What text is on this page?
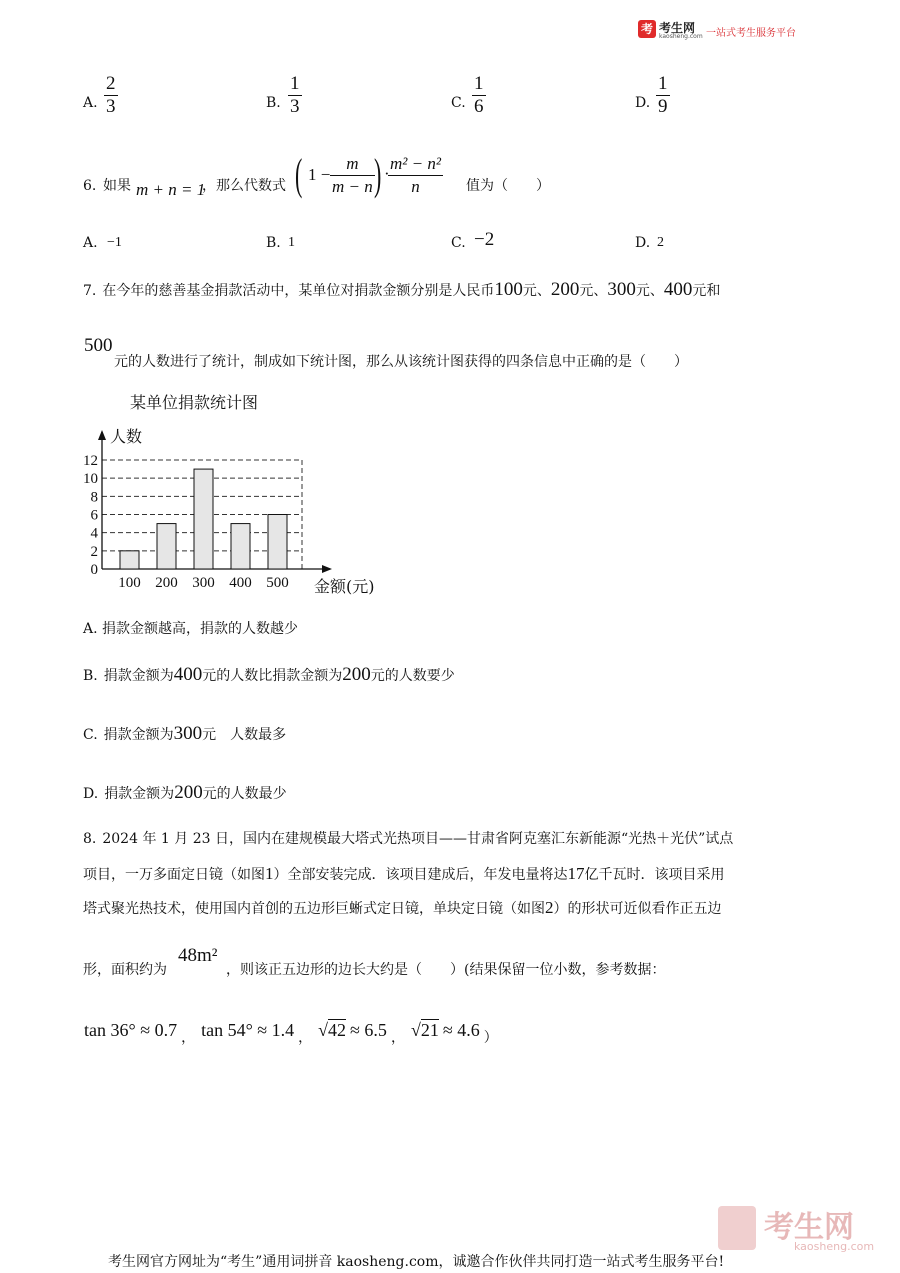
考 考生网
kaosheng.com 一站式考生服务平台
A.
2
3	B.
1
3	C.
1
6	D.
1
9
6. 如果 m + n = 1
，那么代数式 ( 1 −
m
m − n ) ·
m² − n²
n	值为（　　）
A. −1	B. 1	C. −2	D. 2
7. 在今年的慈善基金捐款活动中，某单位对捐款金额分别是人民币 100 元、 200 元、 300 元、 400 元和
500
元的人数进行了统计，制成如下统计图，那么从该统计图获得的四条信息中正确的是（　　）
某单位捐款统计图
0
2
4
6
8
10
12
人数
金额(元)
100 200 300 400 500
A. 捐款金额越高，捐款的人数越少
B. 捐款金额为 400 元的人数比捐款金额为 200 元的人数要少
C. 捐款金额为 300 元　人数最多
D. 捐款金额为 200 元的人数最少
8. 2024 年 1 月 23 日，国内在建规模最大塔式光热项目——甘肃省阿克塞汇东新能源“光热＋光伏”试点
项目，一万多面定日镜（如图 1 ）全部安装完成．该项目建成后，年发电量将达 17 亿千瓦时．该项目采用
塔式聚光热技术，使用国内首创的五边形巨蜥式定日镜，单块定日镜（如图 2 ）的形状可近似看作正五边
形，面积约为
48m²
，则该正五边形的边长大约是（　　）(结果保留一位小数，参考数据：
tan 36° ≈ 0.7 ， tan 54° ≈ 1.4 ， √ 42 ≈ 6.5 ， √ 21 ≈ 4.6 ）
考生网
kaosheng.com
考生网官方网址为“考生”通用词拼音 kaosheng.com，诚邀合作伙伴共同打造一站式考生服务平台!
